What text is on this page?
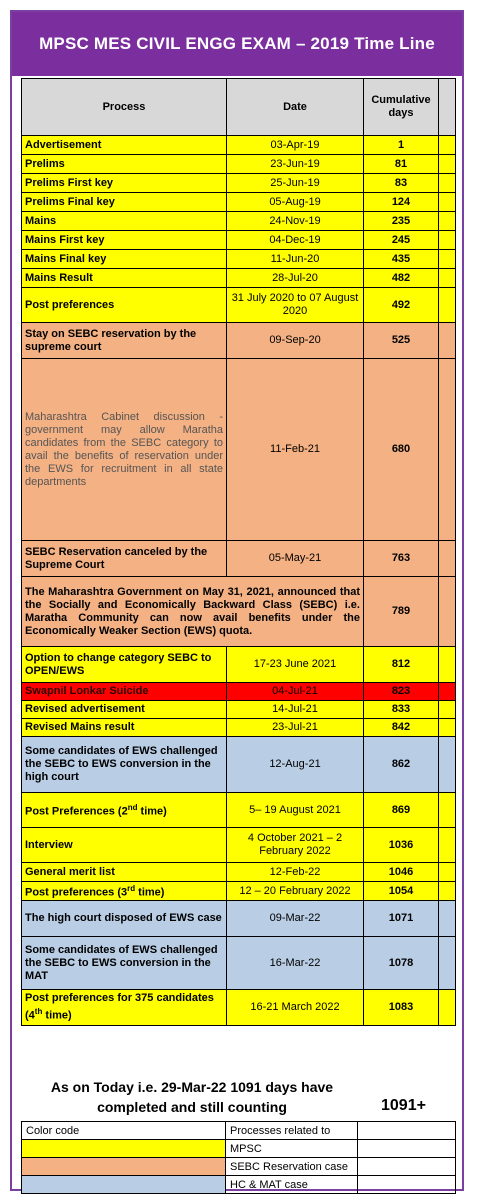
MPSC MES CIVIL ENGG EXAM – 2019 Time Line
Process	Date	Cumulative days	
Advertisement	03-Apr-19	1	
Prelims	23-Jun-19	81	
Prelims First key	25-Jun-19	83	
Prelims Final key	05-Aug-19	124	
Mains	24-Nov-19	235	
Mains First key	04-Dec-19	245	
Mains Final key	11-Jun-20	435	
Mains Result	28-Jul-20	482	
Post preferences	31 July 2020 to 07 August 2020	492	
Stay on SEBC reservation by the supreme court	09-Sep-20	525	
Maharashtra Cabinet discussion - government may allow Maratha candidates from the SEBC category to avail the benefits of reservation under the EWS for recruitment in all state departments	11-Feb-21	680	
SEBC Reservation canceled by the Supreme Court	05-May-21	763	
The Maharashtra Government on May 31, 2021, announced that the Socially and Economically Backward Class (SEBC) i.e. Maratha Community can now avail benefits under the Economically Weaker Section (EWS) quota.		789	
Option to change category SEBC to OPEN/EWS	17-23 June 2021	812	
Swapnil Lonkar Suicide	04-Jul-21	823	
Revised advertisement	14-Jul-21	833	
Revised Mains result	23-Jul-21	842	
Some candidates of EWS challenged the SEBC to EWS conversion in the high court	12-Aug-21	862	
Post Preferences (2nd time)	5– 19 August 2021	869	
Interview	4 October 2021 – 2 February 2022	1036	
General merit list	12-Feb-22	1046	
Post preferences (3rd time)	12 – 20 February 2022	1054	
The high court disposed of EWS case	09-Mar-22	1071	
Some candidates of EWS challenged the SEBC to EWS conversion in the MAT	16-Mar-22	1078	
Post preferences for 375 candidates (4th time)	16-21 March 2022	1083	
As on Today i.e. 29-Mar-22 1091 days have completed and still counting	1091+
Color code	Processes related to	
	MPSC	
	SEBC Reservation case	
	HC & MAT case	
